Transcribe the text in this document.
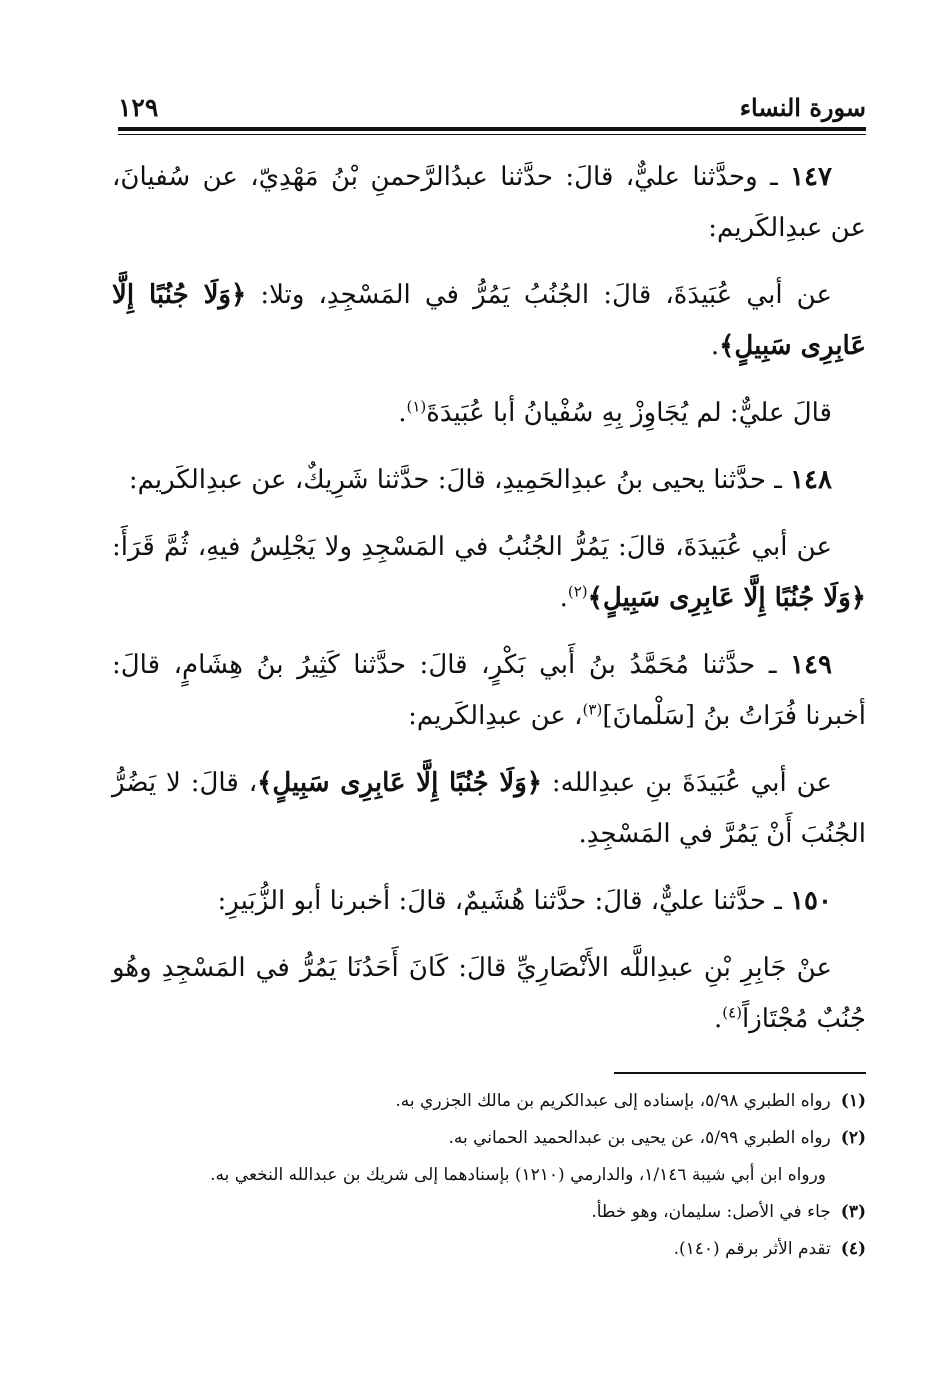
سورة النساء
١٢٩

١٤٧ ـ وحدَّثنا عليٌّ، قالَ: حدَّثنا عبدُالرَّحمنِ بْنُ مَهْدِيّ، عن سُفيانَ، عن عبدِالكَريم:

عن أبي عُبَيدَةَ، قالَ: الجُنُبُ يَمُرُّ في المَسْجِدِ، وتلا: ﴿وَلَا جُنُبًا إِلَّا عَابِرِى سَبِيلٍ﴾.

قالَ عليٌّ: لم يُجَاوِزْ بِهِ سُفْيانُ أبا عُبَيدَةَ$^{(١)}$.

١٤٨ ـ حدَّثنا يحيى بنُ عبدِالحَمِيدِ، قالَ: حدَّثنا شَرِيكٌ، عن عبدِالكَريم:

عن أبي عُبَيدَةَ، قالَ: يَمُرُّ الجُنُبُ في المَسْجِدِ ولا يَجْلِسُ فيهِ، ثُمَّ قَرَأَ: ﴿وَلَا جُنُبًا إِلَّا عَابِرِى سَبِيلٍ﴾$^{(٢)}$.

١٤٩ ـ حدَّثنا مُحَمَّدُ بنُ أَبي بَكْرٍ، قالَ: حدَّثنا كَثِيرُ بنُ هِشَامٍ، قالَ: أخبرنا فُرَاتُ بنُ [سَلْمانَ]$^{(٣)}$، عن عبدِالكَريم:

عن أبي عُبَيدَةَ بنِ عبدِالله: ﴿وَلَا جُنُبًا إِلَّا عَابِرِى سَبِيلٍ﴾، قالَ: لا يَضُرُّ الجُنُبَ أَنْ يَمُرَّ في المَسْجِدِ.

١٥٠ ـ حدَّثنا عليٌّ، قالَ: حدَّثنا هُشَيمٌ، قالَ: أخبرنا أبو الزُّبَيرِ:

عنْ جَابِرِ بْنِ عبدِاللَّه الأَنْصَارِيِّ قالَ: كَانَ أَحَدُنَا يَمُرُّ في المَسْجِدِ وهُو جُنُبٌ مُجْتَازاً$^{(٤)}$.

(١)رواه الطبري ٥/٩٨، بإسناده إلى عبدالكريم بن مالك الجزري به.
(٢)رواه الطبري ٥/٩٩، عن يحيى بن عبدالحميد الحماني به.
ورواه ابن أبي شيبة ١/١٤٦، والدارمي (١٢١٠) بإسنادهما إلى شريك بن عبدالله النخعي به.
(٣)جاء في الأصل: سليمان، وهو خطأ.
(٤)تقدم الأثر برقم (١٤٠).
